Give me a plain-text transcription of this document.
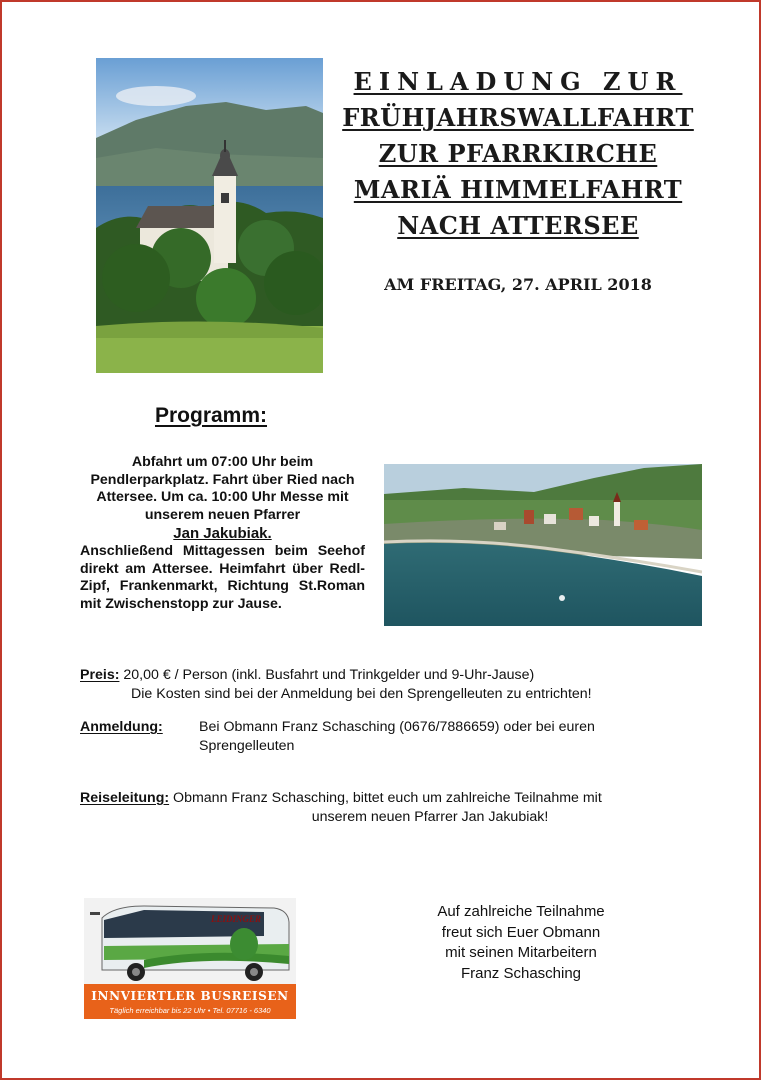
EINLADUNG ZUR
FRÜHJAHRSWALLFAHRT
ZUR PFARRKIRCHE
MARIÄ HIMMELFAHRT
NACH ATTERSEE
AM FREITAG, 27. APRIL 2018
Programm:
Abfahrt um 07:00 Uhr beim Pendlerparkplatz. Fahrt über Ried nach Attersee. Um ca. 10:00 Uhr Messe mit unserem neuen Pfarrer
Jan Jakubiak.
Anschließend Mittagessen beim Seehof direkt am Attersee. Heimfahrt über Redl-Zipf, Frankenmarkt, Richtung St.Roman mit Zwischenstopp zur Jause.
Preis: 20,00 € / Person (inkl. Busfahrt und Trinkgelder und 9-Uhr-Jause)
Die Kosten sind bei der Anmeldung bei den Sprengelleuten zu entrichten!
Anmeldung:	Bei Obmann Franz Schasching (0676/7886659) oder bei euren
Sprengelleuten
Reiseleitung: Obmann Franz Schasching, bittet euch um zahlreiche Teilnahme mit
unserem neuen Pfarrer Jan Jakubiak!
LEIDINGER
INNVIERTLER BUSREISEN
Täglich erreichbar bis 22 Uhr • Tel. 07716 - 6340
Auf zahlreiche Teilnahme
freut sich Euer Obmann
mit seinen Mitarbeitern
Franz Schasching
